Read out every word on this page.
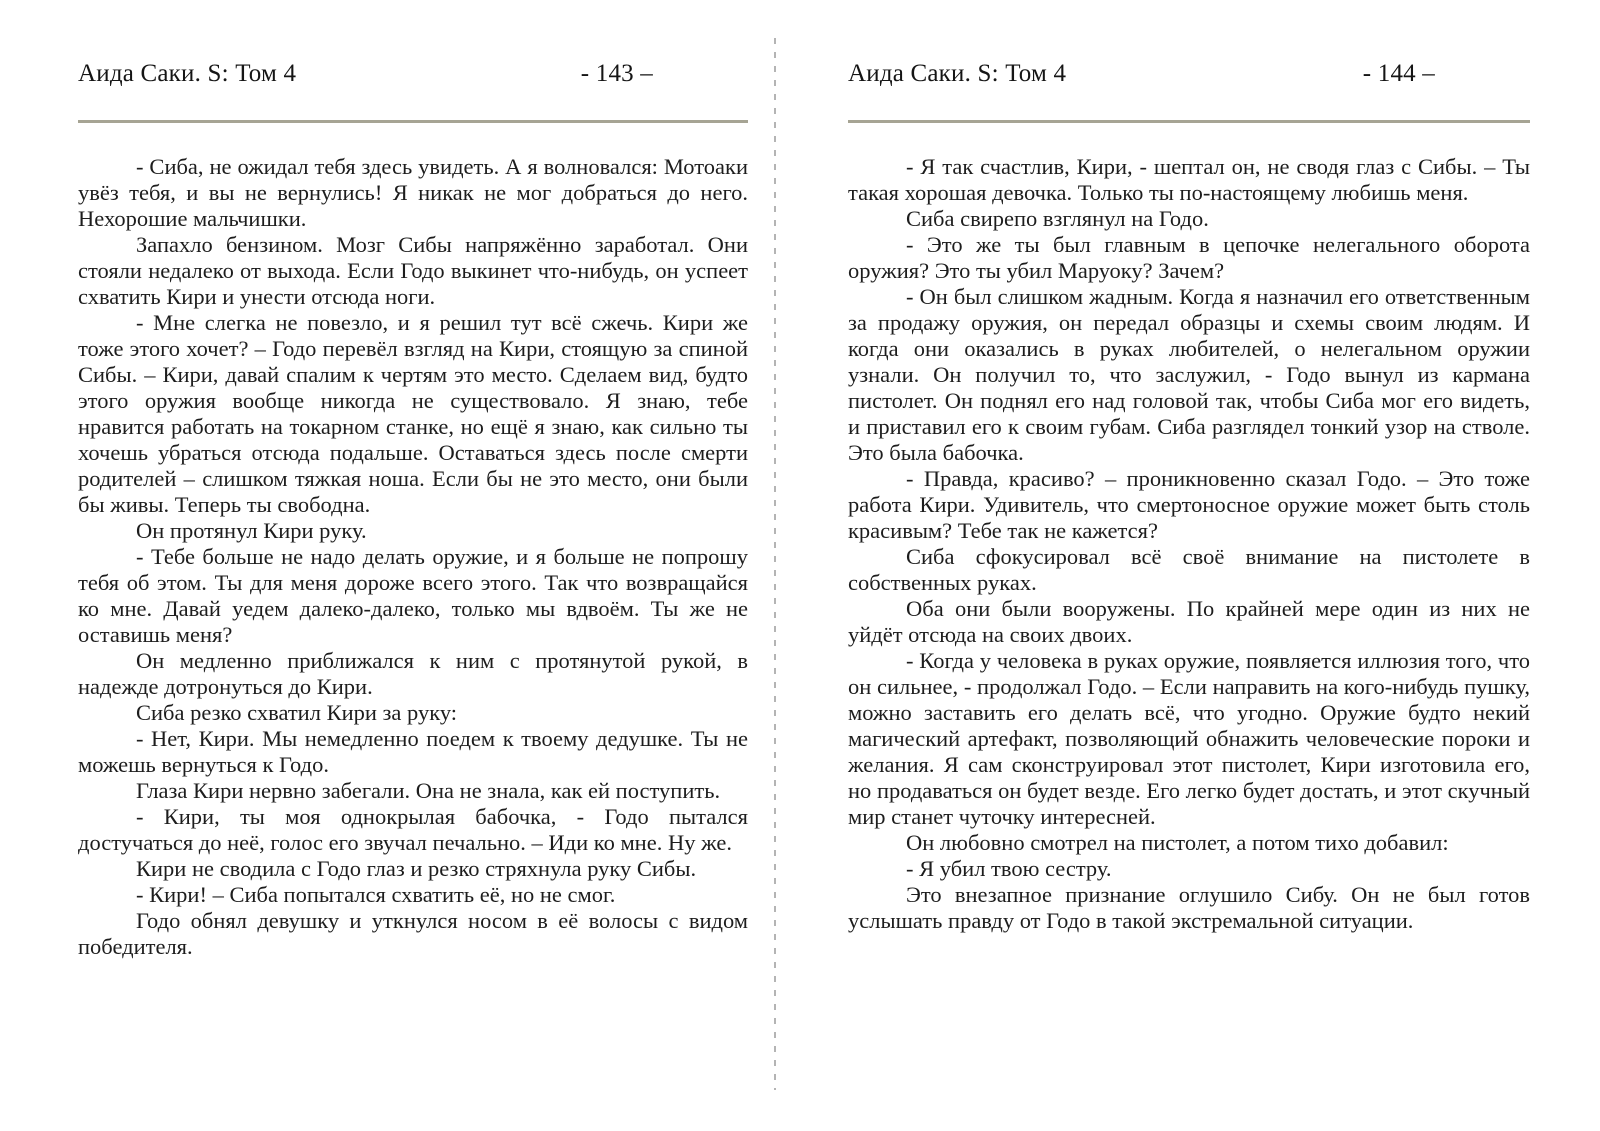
Аида Саки. S: Том 4	- 143 –

- Сиба, не ожидал тебя здесь увидеть. А я волновался: Мотоаки увёз тебя, и вы не вернулись! Я никак не мог добраться до него. Нехорошие мальчишки.

Запахло бензином. Мозг Сибы напряжённо заработал. Они стояли недалеко от выхода. Если Годо выкинет что-нибудь, он успеет схватить Кири и унести отсюда ноги.

- Мне слегка не повезло, и я решил тут всё сжечь. Кири же тоже этого хочет? – Годо перевёл взгляд на Кири, стоящую за спиной Сибы. – Кири, давай спалим к чертям это место. Сделаем вид, будто этого оружия вообще никогда не существовало. Я знаю, тебе нравится работать на токарном станке, но ещё я знаю, как сильно ты хочешь убраться отсюда подальше. Оставаться здесь после смерти родителей – слишком тяжкая ноша. Если бы не это место, они были бы живы. Теперь ты свободна.

Он протянул Кири руку.

- Тебе больше не надо делать оружие, и я больше не попрошу тебя об этом. Ты для меня дороже всего этого. Так что возвращайся ко мне. Давай уедем далеко-далеко, только мы вдвоём. Ты же не оставишь меня?

Он медленно приближался к ним с протянутой рукой, в надежде дотронуться до Кири.

Сиба резко схватил Кири за руку:

- Нет, Кири. Мы немедленно поедем к твоему дедушке. Ты не можешь вернуться к Годо.

Глаза Кири нервно забегали. Она не знала, как ей поступить.

- Кири, ты моя однокрылая бабочка, - Годо пытался достучаться до неё, голос его звучал печально. – Иди ко мне. Ну же.

Кири не сводила с Годо глаз и резко стряхнула руку Сибы.

- Кири! – Сиба попытался схватить её, но не смог.

Годо обнял девушку и уткнулся носом в её волосы с видом победителя.

Аида Саки. S: Том 4	- 144 –

- Я так счастлив, Кири, - шептал он, не сводя глаз с Сибы. – Ты такая хорошая девочка. Только ты по-настоящему любишь меня.

Сиба свирепо взглянул на Годо.

- Это же ты был главным в цепочке нелегального оборота оружия? Это ты убил Маруоку? Зачем?

- Он был слишком жадным. Когда я назначил его ответственным за продажу оружия, он передал образцы и схемы своим людям. И когда они оказались в руках любителей, о нелегальном оружии узнали. Он получил то, что заслужил, - Годо вынул из кармана пистолет. Он поднял его над головой так, чтобы Сиба мог его видеть, и приставил его к своим губам. Сиба разглядел тонкий узор на стволе. Это была бабочка.

- Правда, красиво? – проникновенно сказал Годо. – Это тоже работа Кири. Удивитель, что смертоносное оружие может быть столь красивым? Тебе так не кажется?

Сиба сфокусировал всё своё внимание на пистолете в собственных руках.

Оба они были вооружены. По крайней мере один из них не уйдёт отсюда на своих двоих.

- Когда у человека в руках оружие, появляется иллюзия того, что он сильнее, - продолжал Годо. – Если направить на кого-нибудь пушку, можно заставить его делать всё, что угодно. Оружие будто некий магический артефакт, позволяющий обнажить человеческие пороки и желания. Я сам сконструировал этот пистолет, Кири изготовила его, но продаваться он будет везде. Его легко будет достать, и этот скучный мир станет чуточку интересней.

Он любовно смотрел на пистолет, а потом тихо добавил:

- Я убил твою сестру.

Это внезапное признание оглушило Сибу. Он не был готов услышать правду от Годо в такой экстремальной ситуации.
